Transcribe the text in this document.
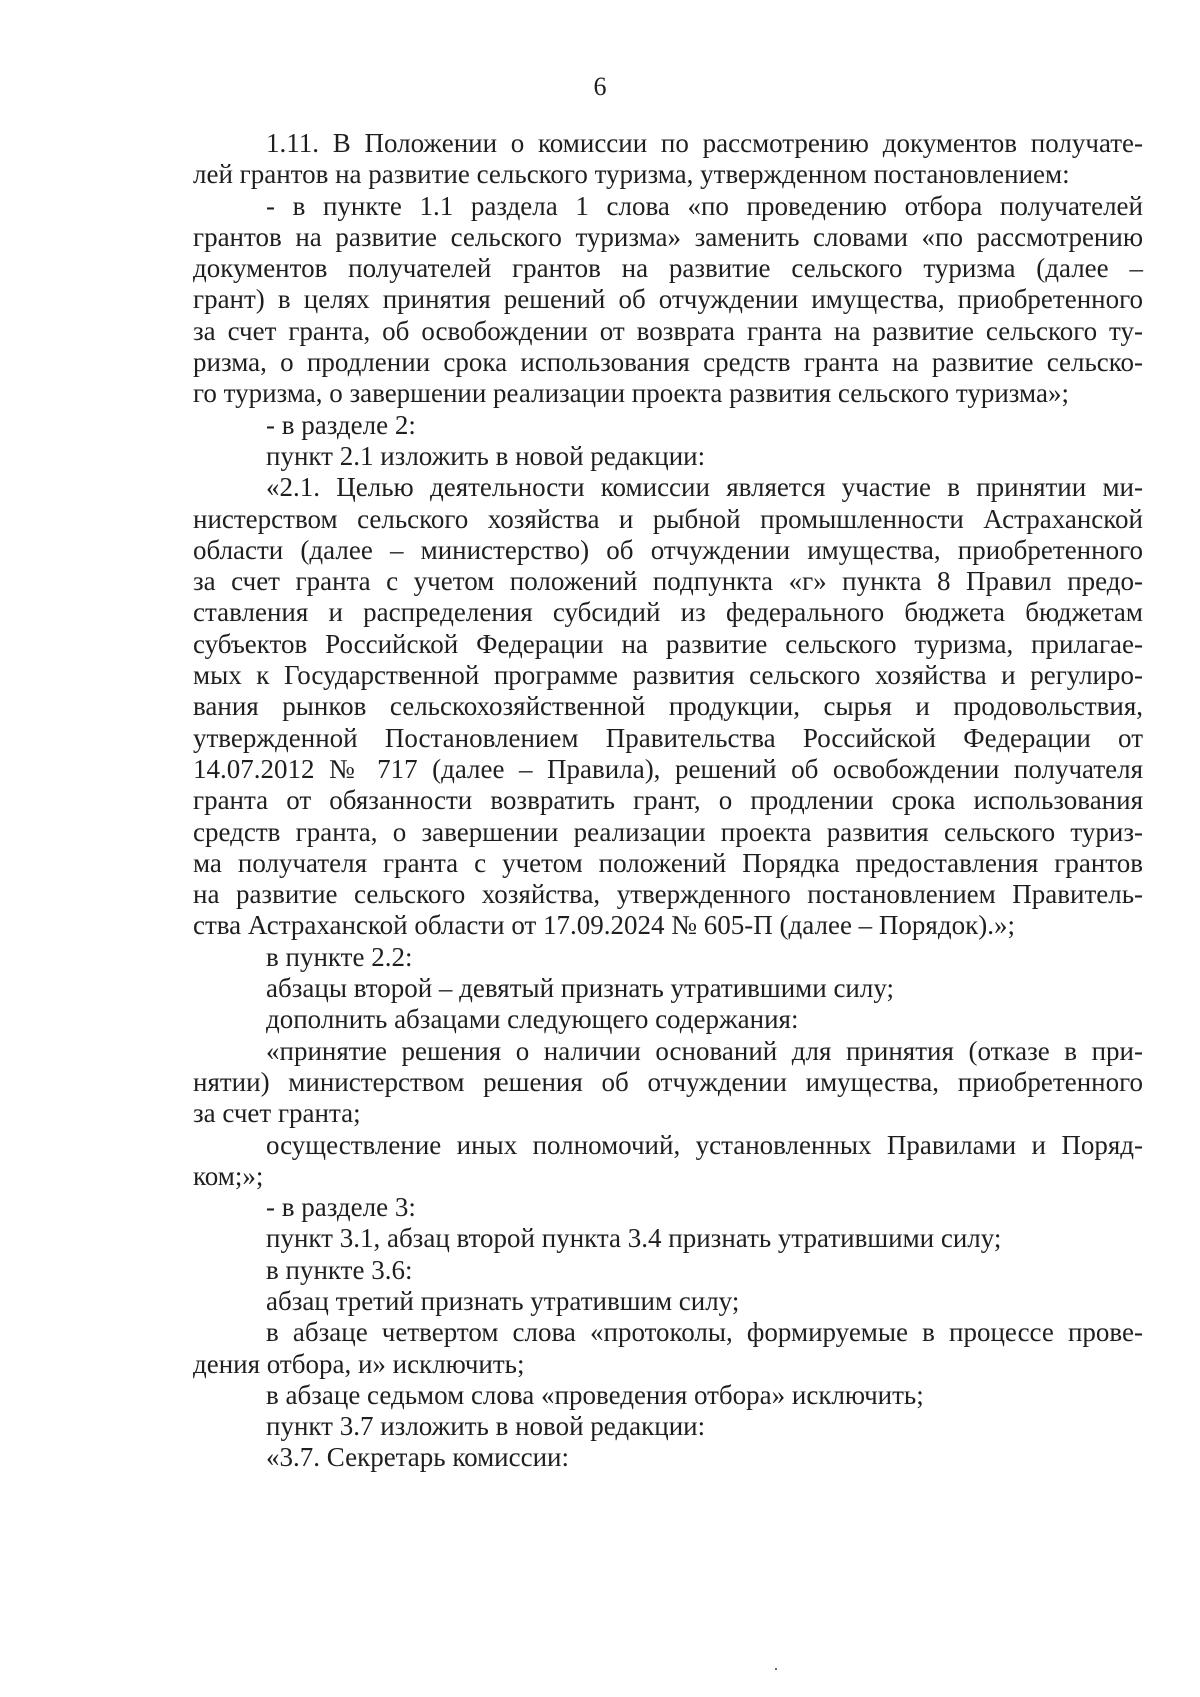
6
1.11. В Положении о комиссии по рассмотрению документов получате-
лей грантов на развитие сельского туризма, утвержденном постановлением:
- в пункте 1.1 раздела 1 слова «по проведению отбора получателей
грантов на развитие сельского туризма» заменить словами «по рассмотрению
документов получателей грантов на развитие сельского туризма (далее –
грант) в целях принятия решений об отчуждении имущества, приобретенного
за счет гранта, об освобождении от возврата гранта на развитие сельского ту-
ризма, о продлении срока использования средств гранта на развитие сельско-
го туризма, о завершении реализации проекта развития сельского туризма»;
- в разделе 2:
пункт 2.1 изложить в новой редакции:
«2.1. Целью деятельности комиссии является участие в принятии ми-
нистерством сельского хозяйства и рыбной промышленности Астраханской
области (далее – министерство) об отчуждении имущества, приобретенного
за счет гранта с учетом положений подпункта «г» пункта 8 Правил предо-
ставления и распределения субсидий из федерального бюджета бюджетам
субъектов Российской Федерации на развитие сельского туризма, прилагае-
мых к Государственной программе развития сельского хозяйства и регулиро-
вания рынков сельскохозяйственной продукции, сырья и продовольствия,
утвержденной Постановлением Правительства Российской Федерации от
14.07.2012 № 717 (далее – Правила), решений об освобождении получателя
гранта от обязанности возвратить грант, о продлении срока использования
средств гранта, о завершении реализации проекта развития сельского туриз-
ма получателя гранта с учетом положений Порядка предоставления грантов
на развитие сельского хозяйства, утвержденного постановлением Правитель-
ства Астраханской области от 17.09.2024 № 605-П (далее – Порядок).»;
в пункте 2.2:
абзацы второй – девятый признать утратившими силу;
дополнить абзацами следующего содержания:
«принятие решения о наличии оснований для принятия (отказе в при-
нятии) министерством решения об отчуждении имущества, приобретенного
за счет гранта;
осуществление иных полномочий, установленных Правилами и Поряд-
ком;»;
- в разделе 3:
пункт 3.1, абзац второй пункта 3.4 признать утратившими силу;
в пункте 3.6:
абзац третий признать утратившим силу;
в абзаце четвертом слова «протоколы, формируемые в процессе прове-
дения отбора, и» исключить;
в абзаце седьмом слова «проведения отбора» исключить;
пункт 3.7 изложить в новой редакции:
«3.7. Секретарь комиссии:
